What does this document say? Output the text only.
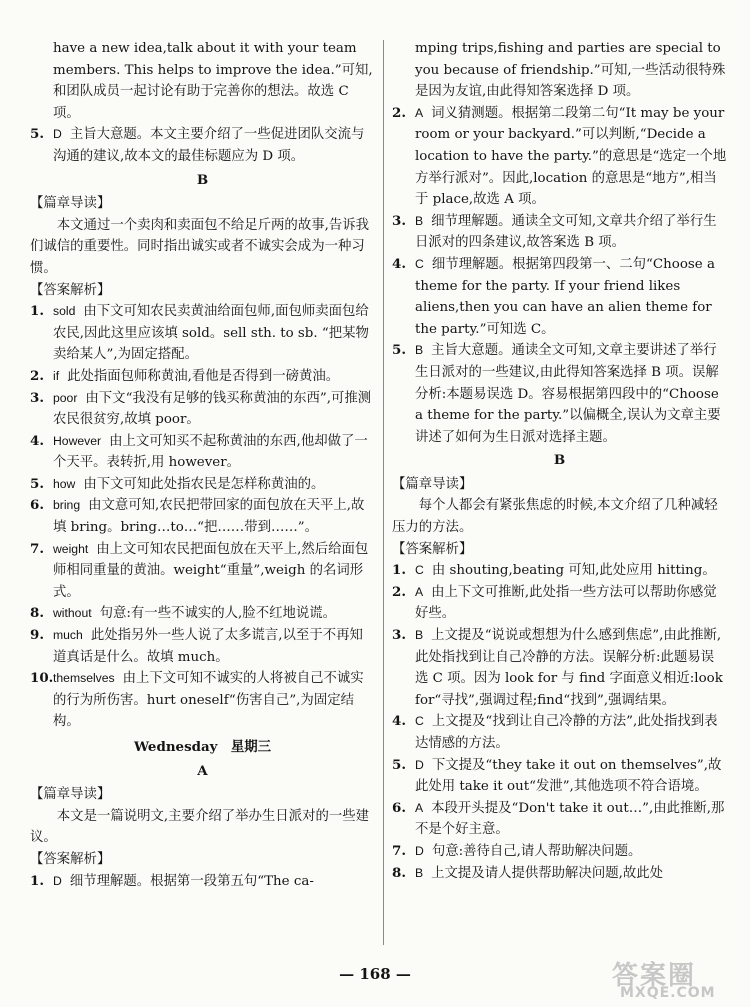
have a new idea,talk about it with your team members. This helps to improve the idea.”可知,和团队成员一起讨论有助于完善你的想法。故选 C 项。

5. D 主旨大意题。本文主要介绍了一些促进团队交流与沟通的建议,故本文的最佳标题应为 D 项。
B

【篇章导读】

本文通过一个卖肉和卖面包不给足斤两的故事,告诉我们诚信的重要性。同时指出诚实或者不诚实会成为一种习惯。

【答案解析】

1. sold 由下文可知农民卖黄油给面包师,面包师卖面包给农民,因此这里应该填 sold。sell sth. to sb. “把某物卖给某人”,为固定搭配。
2. if 此处指面包师称黄油,看他是否得到一磅黄油。
3. poor 由下文“我没有足够的钱买称黄油的东西”,可推测农民很贫穷,故填 poor。
4. However 由上文可知买不起称黄油的东西,他却做了一个天平。表转折,用 however。
5. how 由下文可知此处指农民是怎样称黄油的。
6. bring 由文意可知,农民把带回家的面包放在天平上,故填 bring。bring…to…“把……带到……”。
7. weight 由上文可知农民把面包放在天平上,然后给面包师相同重量的黄油。weight“重量”,weigh 的名词形式。
8. without 句意:有一些不诚实的人,脸不红地说谎。
9. much 此处指另外一些人说了太多谎言,以至于不再知道真话是什么。故填 much。
10. themselves 由上下文可知不诚实的人将被自己不诚实的行为所伤害。hurt oneself“伤害自己”,为固定结构。
Wednesday　星期三
A

【篇章导读】

本文是一篇说明文,主要介绍了举办生日派对的一些建议。

【答案解析】

1. D 细节理解题。根据第一段第五句“The ca-

mping trips,fishing and parties are special to you because of friendship.”可知,一些活动很特殊是因为友谊,由此得知答案选择 D 项。

2. A 词义猜测题。根据第二段第二句“It may be your room or your backyard.”可以判断,“Decide a location to have the party.”的意思是“选定一个地方举行派对”。因此,location 的意思是“地方”,相当于 place,故选 A 项。
3. B 细节理解题。通读全文可知,文章共介绍了举行生日派对的四条建议,故答案选 B 项。
4. C 细节理解题。根据第四段第一、二句“Choose a theme for the party. If your friend likes aliens,then you can have an alien theme for the party.”可知选 C。
5. B 主旨大意题。通读全文可知,文章主要讲述了举行生日派对的一些建议,由此得知答案选择 B 项。误解分析:本题易误选 D。容易根据第四段中的“Choose a theme for the party.”以偏概全,误认为文章主要讲述了如何为生日派对选择主题。
B

【篇章导读】

每个人都会有紧张焦虑的时候,本文介绍了几种减轻压力的方法。

【答案解析】

1. C 由 shouting,beating 可知,此处应用 hitting。
2. A 由上下文可推断,此处指一些方法可以帮助你感觉好些。
3. B 上文提及“说说或想想为什么感到焦虑”,由此推断,此处指找到让自己冷静的方法。误解分析:此题易误选 C 项。因为 look for 与 find 字面意义相近:look for“寻找”,强调过程;find“找到”,强调结果。
4. C 上文提及“找到让自己冷静的方法”,此处指找到表达情感的方法。
5. D 下文提及“they take it out on themselves”,故此处用 take it out“发泄”,其他选项不符合语境。
6. A 本段开头提及“Don't take it out…”,由此推断,那不是个好主意。
7. D 句意:善待自己,请人帮助解决问题。
8. B 上文提及请人提供帮助解决问题,故此处
— 168 —	答案圈
MXQE.COM
